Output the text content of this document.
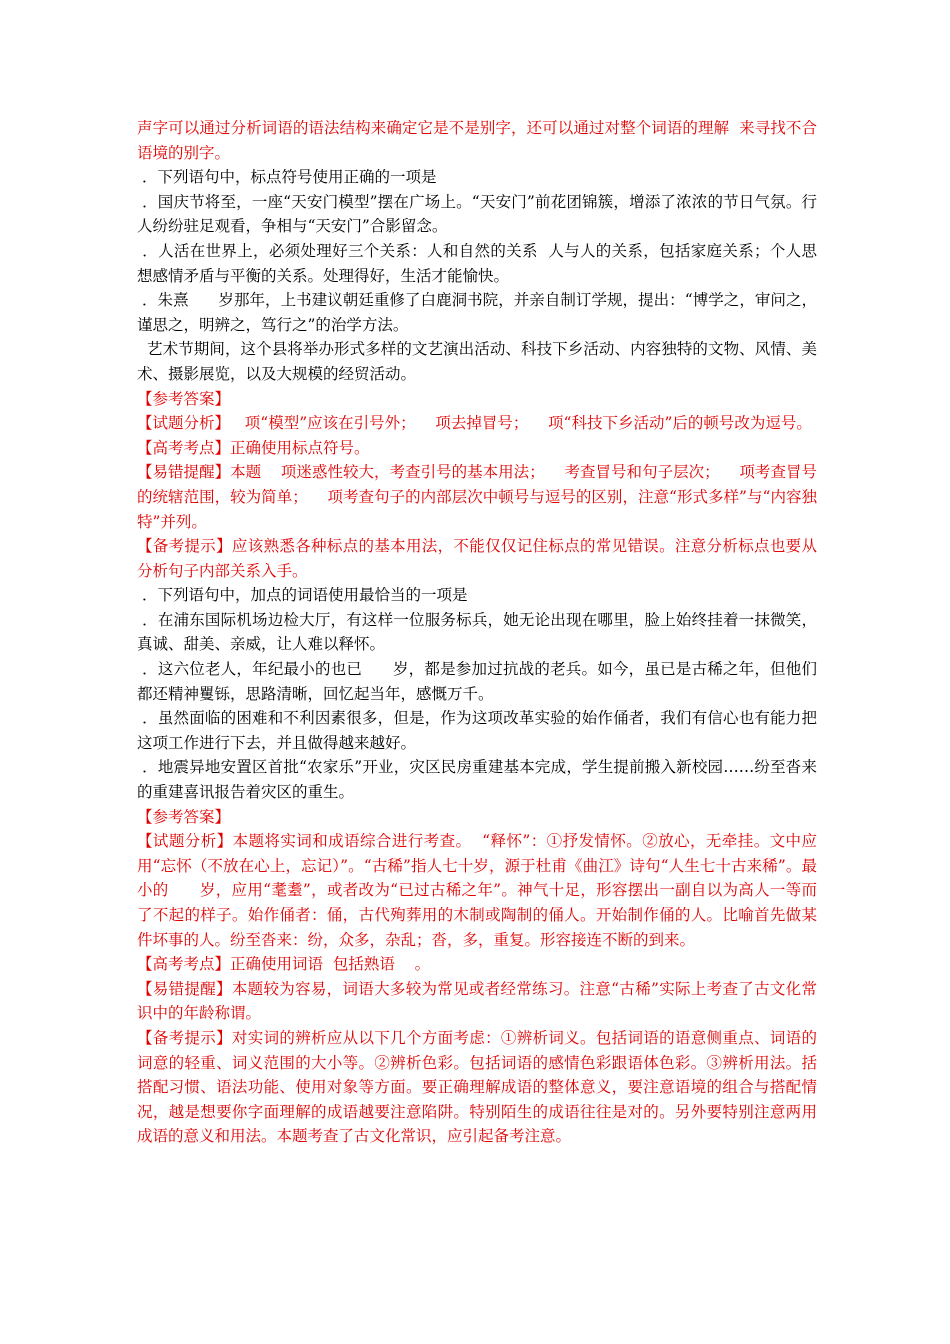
声字可以通过分析词语的语法结构来确定它是不是别字，还可以通过对整个词语的理解  来寻找不合语境的别字。

．下列语句中，标点符号使用正确的一项是

．国庆节将至，一座“天安门模型”摆在广场上。“天安门”前花团锦簇，增添了浓浓的节日气氛。行人纷纷驻足观看，争相与“天安门”合影留念。

．人活在世界上，必须处理好三个关系：人和自然的关系  人与人的关系，包括家庭关系；个人思想感情矛盾与平衡的关系。处理得好，生活才能愉快。

．朱熹      岁那年，上书建议朝廷重修了白鹿洞书院，并亲自制订学规，提出：“博学之，审问之，谨思之，明辨之，笃行之”的治学方法。

艺术节期间，这个县将举办形式多样的文艺演出活动、科技下乡活动、内容独特的文物、风情、美术、摄影展览，以及大规模的经贸活动。

【参考答案】

【试题分析】   项“模型”应该在引号外；    项去掉冒号；    项“科技下乡活动”后的顿号改为逗号。

【高考考点】正确使用标点符号。

【易错提醒】本题    项迷惑性较大，考查引号的基本用法；    考查冒号和句子层次；    项考查冒号的统辖范围，较为简单；    项考查句子的内部层次中顿号与逗号的区别，注意“形式多样”与“内容独特”并列。

【备考提示】应该熟悉各种标点的基本用法，不能仅仅记住标点的常见错误。注意分析标点也要从分析句子内部关系入手。

．下列语句中，加点的词语使用最恰当的一项是

．在浦东国际机场边检大厅，有这样一位服务标兵，她无论出现在哪里，脸上始终挂着一抹微笑，真诚、甜美、亲威，让人难以释怀。

．这六位老人，年纪最小的也已      岁，都是参加过抗战的老兵。如今，虽已是古稀之年，但他们都还精神矍铄，思路清晰，回忆起当年，感慨万千。

．虽然面临的困难和不利因素很多，但是，作为这项改革实验的始作俑者，我们有信心也有能力把这项工作进行下去，并且做得越来越好。

．地震异地安置区首批“农家乐”开业，灾区民房重建基本完成，学生提前搬入新校园……纷至沓来的重建喜讯报告着灾区的重生。

【参考答案】

【试题分析】本题将实词和成语综合进行考查。  “释怀”：①抒发情怀。②放心，无牵挂。文中应用“忘怀（不放在心上，忘记）”。“古稀”指人七十岁，源于杜甫《曲江》诗句“人生七十古来稀”。最小的      岁，应用“耄耋”，或者改为“已过古稀之年”。神气十足，形容摆出一副自以为高人一等而了不起的样子。始作俑者：俑，古代殉葬用的木制或陶制的俑人。开始制作俑的人。比喻首先做某件坏事的人。纷至沓来：纷，众多，杂乱；沓，多，重复。形容接连不断的到来。

【高考考点】正确使用词语  包括熟语    。

【易错提醒】本题较为容易，词语大多较为常见或者经常练习。注意“古稀”实际上考查了古文化常识中的年龄称谓。

【备考提示】对实词的辨析应从以下几个方面考虑：①辨析词义。包括词语的语意侧重点、词语的词意的轻重、词义范围的大小等。②辨析色彩。包括词语的感情色彩跟语体色彩。③辨析用法。括搭配习惯、语法功能、使用对象等方面。要正确理解成语的整体意义，要注意语境的组合与搭配情况，越是想要你字面理解的成语越要注意陷阱。特别陌生的成语往往是对的。另外要特别注意两用成语的意义和用法。本题考查了古文化常识，应引起备考注意。
